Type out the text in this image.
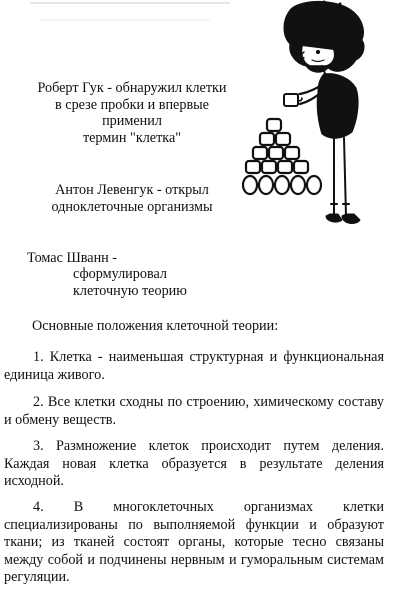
Роберт Гук - обнаружил клетки
в срезе пробки и впервые
применил
термин "клетка"
Антон Левенгук - открыл
одноклеточные организмы
Томас Шванн -
сформулировал
клеточную теорию
Основные положения клеточной теории:
1. Клетка - наименьшая структурная и функциональная единица живого.
2. Все клетки сходны по строению, химическому составу и обмену веществ.
3. Размножение клеток происходит путем деления. Каждая новая клетка образуется в результате деления исходной.
4. В многоклеточных организмах клетки специализированы по выполняемой функции и образуют ткани; из тканей состоят органы, которые тесно связаны между собой и подчинены нервным и гуморальным системам регуляции.
